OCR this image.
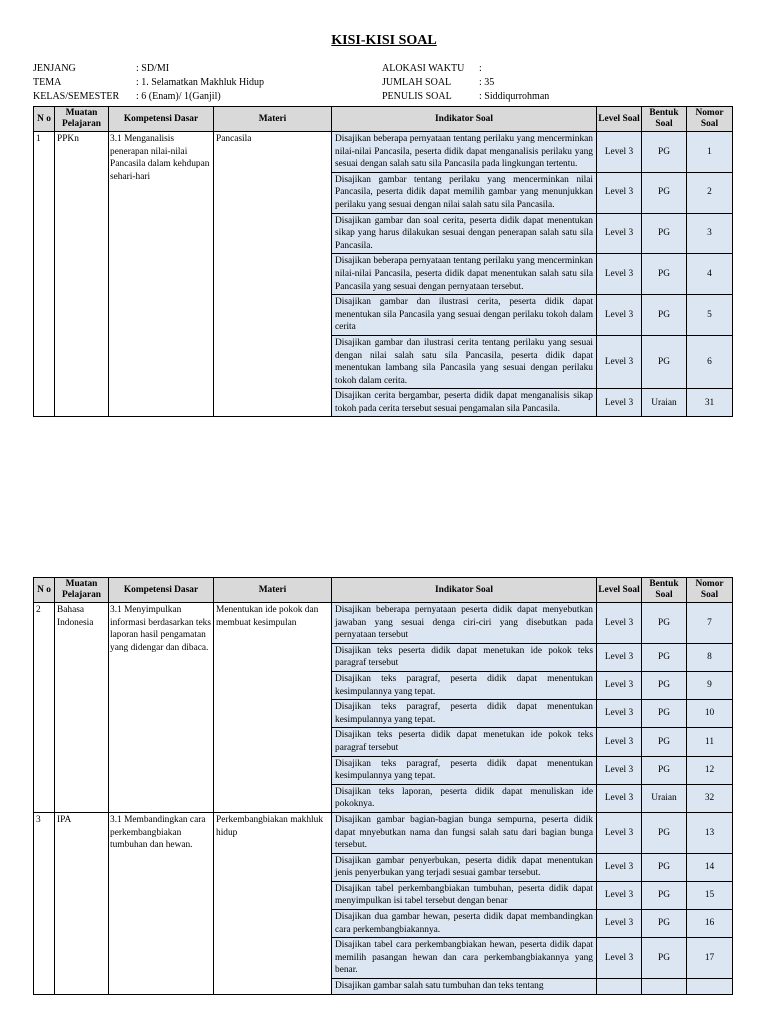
KISI-KISI SOAL
JENJANG	: SD/MI
TEMA	: 1. Selamatkan Makhluk Hidup
KELAS/SEMESTER : 6 (Enam)/ 1(Ganjil)
ALOKASI WAKTU :
JUMLAH SOAL	: 35
PENULIS SOAL	: Siddiqurrohman
N o	Muatan Pelajaran	Kompetensi Dasar	Materi	Indikator Soal	Level Soal	Bentuk Soal	Nomor Soal
1	PPKn	3.1 Menganalisis penerapan nilai-nilai Pancasila dalam kehdupan sehari-hari	Pancasila	Disajikan beberapa pernyataan tentang perilaku yang mencerminkan nilai-nilai Pancasila, peserta didik dapat menganalisis perilaku yang sesuai dengan salah satu sila Pancasila pada lingkungan tertentu.	Level 3	PG	1
				Disajikan gambar tentang perilaku yang mencerminkan nilai Pancasila, peserta didik dapat memilih gambar yang menunjukkan perilaku yang sesuai dengan nilai salah satu sila Pancasila.	Level 3	PG	2
				Disajikan gambar dan soal cerita, peserta didik dapat menentukan sikap yang harus dilakukan sesuai dengan penerapan salah satu sila Pancasila.	Level 3	PG	3
				Disajikan beberapa pernyataan tentang perilaku yang mencerminkan nilai-nilai Pancasila, peserta didik dapat menentukan salah satu sila Pancasila yang sesuai dengan pernyataan tersebut.	Level 3	PG	4
				Disajikan gambar dan ilustrasi cerita, peserta didik dapat menentukan sila Pancasila yang sesuai dengan perilaku tokoh dalam cerita	Level 3	PG	5
				Disajikan gambar dan ilustrasi cerita tentang perilaku yang sesuai dengan nilai salah satu sila Pancasila, peserta didik dapat menentukan lambang sila Pancasila yang sesuai dengan perilaku tokoh dalam cerita.	Level 3	PG	6
				Disajikan cerita bergambar, peserta didik dapat menganalisis sikap tokoh pada cerita tersebut sesuai pengamalan sila Pancasila.	Level 3	Uraian	31
N o	Muatan Pelajaran	Kompetensi Dasar	Materi	Indikator Soal	Level Soal	Bentuk Soal	Nomor Soal
2	Bahasa Indonesia	3.1 Menyimpulkan informasi berdasarkan teks laporan hasil pengamatan yang didengar dan dibaca.	Menentukan ide pokok dan membuat kesimpulan	Disajikan beberapa pernyataan peserta didik dapat menyebutkan jawaban yang sesuai denga ciri-ciri yang disebutkan pada pernyataan tersebut	Level 3	PG	7
				Disajikan teks peserta didik dapat menetukan ide pokok teks paragraf tersebut	Level 3	PG	8
				Disajikan teks paragraf, peserta didik dapat menentukan kesimpulannya yang tepat.	Level 3	PG	9
				Disajikan teks paragraf, peserta didik dapat menentukan kesimpulannya yang tepat.	Level 3	PG	10
				Disajikan teks peserta didik dapat menetukan ide pokok teks paragraf tersebut	Level 3	PG	11
				Disajikan teks paragraf, peserta didik dapat menentukan kesimpulannya yang tepat.	Level 3	PG	12
				Disajikan teks laporan, peserta didik dapat menuliskan ide pokoknya.	Level 3	Uraian	32
3	IPA	3.1 Membandingkan cara perkembangbiakan tumbuhan dan hewan.	Perkembangbiakan makhluk hidup	Disajikan gambar bagian-bagian bunga sempurna, peserta didik dapat mnyebutkan nama dan fungsi salah satu dari bagian bunga tersebut.	Level 3	PG	13
				Disajikan gambar penyerbukan, peserta didik dapat menentukan jenis penyerbukan yang terjadi sesuai gambar tersebut.	Level 3	PG	14
				Disajikan tabel perkembangbiakan tumbuhan, peserta didik dapat menyimpulkan isi tabel tersebut dengan benar	Level 3	PG	15
				Disajikan dua gambar hewan, peserta didik dapat membandingkan cara perkembangbiakannya.	Level 3	PG	16
				Disajikan tabel cara perkembangbiakan hewan, peserta didik dapat memilih pasangan hewan dan cara perkembangbiakannya yang benar.	Level 3	PG	17
				Disajikan gambar salah satu tumbuhan dan teks tentang			
